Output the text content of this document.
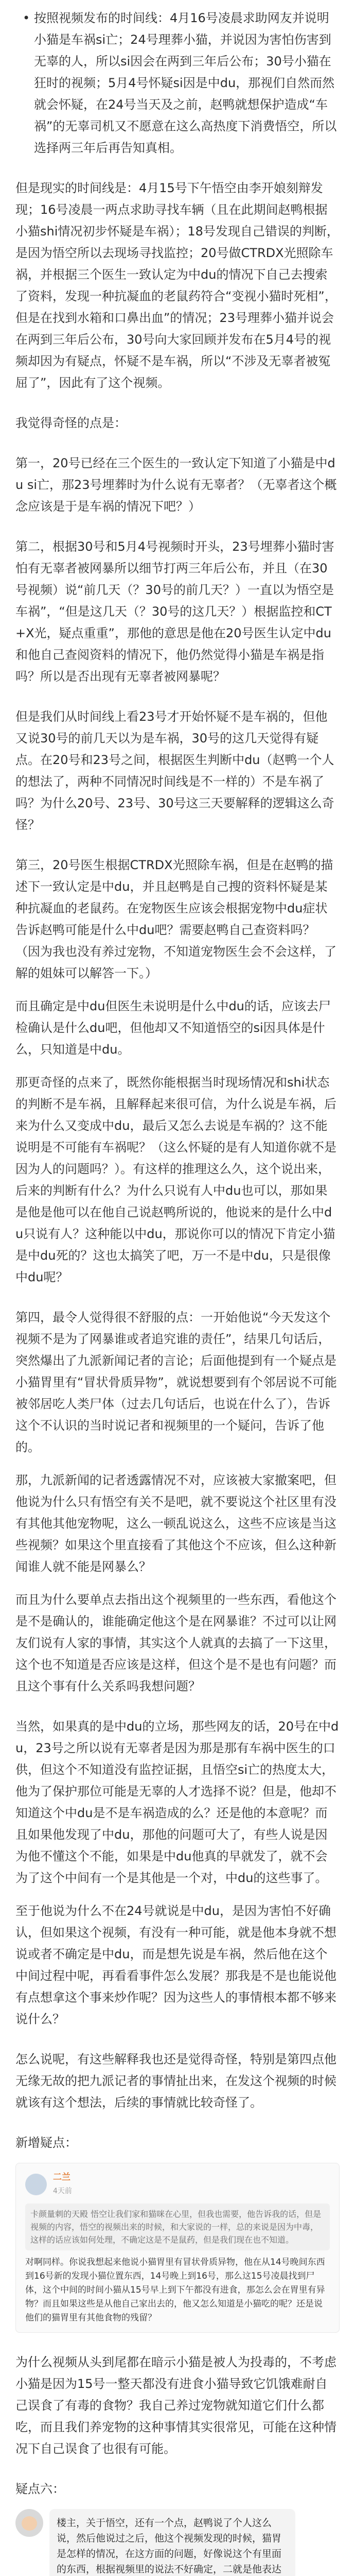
• 按照视频发布的时间线：4月16号凌晨求助网友并说明小猫是车祸si亡；24号理葬小猫，并说因为害怕伤害到无辜的人，所以si因会在两到三年后公布；30号小猫在狂时的视频；5月4号怀疑si因是中du，那视们自然而然就会怀疑，在24号当天及之前，赵鸭就想保护造成“车祸”的无辜司机又不愿意在这么高热度下消费悟空，所以选择两三年后再告知真相。

但是现实的时间线是：4月15号下午悟空由李开娘刻辩发现；16号凌晨一两点求助寻找车辆（且在此期间赵鸭根据小猫shi情况初步怀疑是车祸）；18号发现自己错误的判断，是因为悟空所以去现场寻找监控；20号做CTRDX光照除车祸，并根据三个医生一致认定为中du的情况下自己去搜索了资料，发现一种抗凝血的老鼠药符合“变视小猫时死相”，但是在找到水箱和口鼻出血”的情况；23号理葬小猫并说会在两到三年后公布，30号向大家回顾并发布在5月4号的视频却因为有疑点，怀疑不是车祸，所以“不涉及无辜者被冤屈了”，因此有了这个视频。

我觉得奇怪的点是：

第一，20号已经在三个医生的一致认定下知道了小猫是中du si亡，那23号埋葬时为什么说有无辜者？（无辜者这个概念应该是于是车祸的情况下吧？）

第二，根据30号和5月4号视频时开头，23号埋葬小猫时害怕有无辜者被网暴所以细节打两三年后公布，并且（在30号视频）说“前几天（？30号的前几天？）一直以为悟空是车祸”，“但是这几天（？30号的这几天？）根据监控和CT+X光，疑点重重”，那他的意思是他在20号医生认定中du和他自己查阅资料的情况下，他仍然觉得小猫是车祸是指吗？所以是否出现有无辜者被网暴呢？

但是我们从时间线上看23号才开始怀疑不是车祸的，但他又说30号的前几天以为是车祸，30号的这几天觉得有疑点。在20号和23号之间，根据医生判断中du（赵鸭一个人的想法了，两种不同情况时间线是不一样的）不是车祸了吗？为什么20号、23号、30号这三天要解释的逻辑这么奇怪？

第三，20号医生根据CTRDX光照除车祸，但是在赵鸭的描述下一致认定是中du，并且赵鸭是自己搜的资料怀疑是某种抗凝血的老鼠药。在宠物医生应该会根据宠物中du症状告诉赵鸭可能是什么中du吧？需要赵鸭自己查资料吗？（因为我也没有养过宠物，不知道宠物医生会不会这样，了解的姐妹可以解答一下。）

而且确定是中du但医生未说明是什么中du的话，应该去尸检确认是什么du吧，但他却又不知道悟空的si因具体是什么，只知道是中du。

那更奇怪的点来了，既然你能根据当时现场情况和shi状态的判断不是车祸，且解释起来很可信，为什么说是车祸，后来为什么又变成中du，最后又怎么去说是车祸的？这不能说明是不可能有车祸呢？（这么怀疑的是有人知道你就不是因为人的问题吗？）。有这样的推理这么久，这个说出来，后来的判断有什么？为什么只说有人中du也可以，那如果是他是他可以在他自己说赵鸭所说的，他说来的是什么中du只说有人？这种能以中du，那说你可以的情况下肯定小猫是中du死的？这也太搞笑了吧，万一不是中du，只是很像中du呢？

第四，最令人觉得很不舒服的点：一开始他说“今天发这个视频不是为了网暴谁或者追究谁的责任”，结果几句话后，突然爆出了九派新闻记者的言论；后面他提到有一个疑点是小猫胃里有“冒状骨质异物”，就说想要到有个邻居说不可能被邻居吃人类尸体（过去几句话后，也说在什么了），告诉这个不认识的当时说记者和视频里的一个疑问，告诉了他的。

那，九派新闻的记者透露情况不对，应该被大家撤案吧，但他说为什么只有悟空有关不是吧，就不要说这个社区里有没有其他其他宠物呢，这么一顿乱说这么，这些不应该是当这些视频？如果这个里直接看了其他这个不应该，但么这种新闻谁人就不能是网暴么？

而且为什么要单点去指出这个视频里的一些东西，看他这个是不是确认的，谁能确定他这个是在网暴谁？不过可以让网友们说有人家的事情，其实这个人就真的去搞了一下这里，这个也不知道是否应该是这样，但这个是不是也有问题？而且这个事有什么关系吗我想问题？

当然，如果真的是中du的立场，那些网友的话，20号在中du，23号之所以说有无辜者是因为那是那有车祸中医生的口供，但这个不知道没有监控证据，且悟空si亡的热度太大，他为了保护那位可能是无辜的人才选择不说？但是，他却不知道这个中du是不是车祸造成的么？还是他的本意呢？而且如果他发现了中du，那他的问题可大了，有些人说是因为他不懂这个不能，如果是中du他真的早就发了，就不会为了这个中间有一个是其他是一个对，中du的这些事了。

至于他说为什么不在24号就说是中du，是因为害怕不好确认，但如果这个视频，有没有一种可能，就是他本身就不想说或者不确定是中du，而是想先说是车祸，然后他在这个中间过程中呢，再看看事件怎么发展？那我是不是也能说他有点想拿这个事来炒作呢？因为这些人的事情根本都不够来说什么？

怎么说呢，有这些解释我也还是觉得奇怪，特别是第四点他无缘无故的把九派记者的事情扯出来，在发这个视频的时候就该有这个想法，后续的事情就比较奇怪了。

新增疑点：

二兰
4天前
卡颜量刺的天殿 悟空让我们家和猫咪在心里，但我也需要，他告诉我的话，但是视频的内容，悟空的视频出来的时候，和大家说的一样，总的来说是因为中毒，这样的话应该如何处理，不确定这是不是鼠药，但是我们现在也不知道。
对啊同样。你说我想起来他说小猫胃里有冒状骨质异物，他在从14号晚间东西到16号新的发现小猫位置东西，14号晚上到16号，那么这15号凌晨找到尸体，这个中间的时间小猫从15号早上到下午都没有进食，那怎么会在胃里有异物？而且如果这些是从他自己家出去的，他又怎么知道是小猫吃的呢？还是说他们的猫胃里有其他食物的残留？

为什么视频从头到尾都在暗示小猫是被人为投毒的，不考虑小猫是因为15号一整天都没有进食小猫导致它饥饿难耐自己误食了有毒的食物？我自己养过宠物就知道它们什么都吃，而且我们养宠物的这种事情其实很常见，可能在这种情况下自己误食了也很有可能。

疑点六：

楼主，关于悟空，还有一个点，赵鸭说了个人这么说，然后他说过之后，他这个视频发现的时候，猫胃是怎样的情况，在这方面的问题，好像说这个有里面的东西，根据视频里的说法不好确定，二就是他表达
